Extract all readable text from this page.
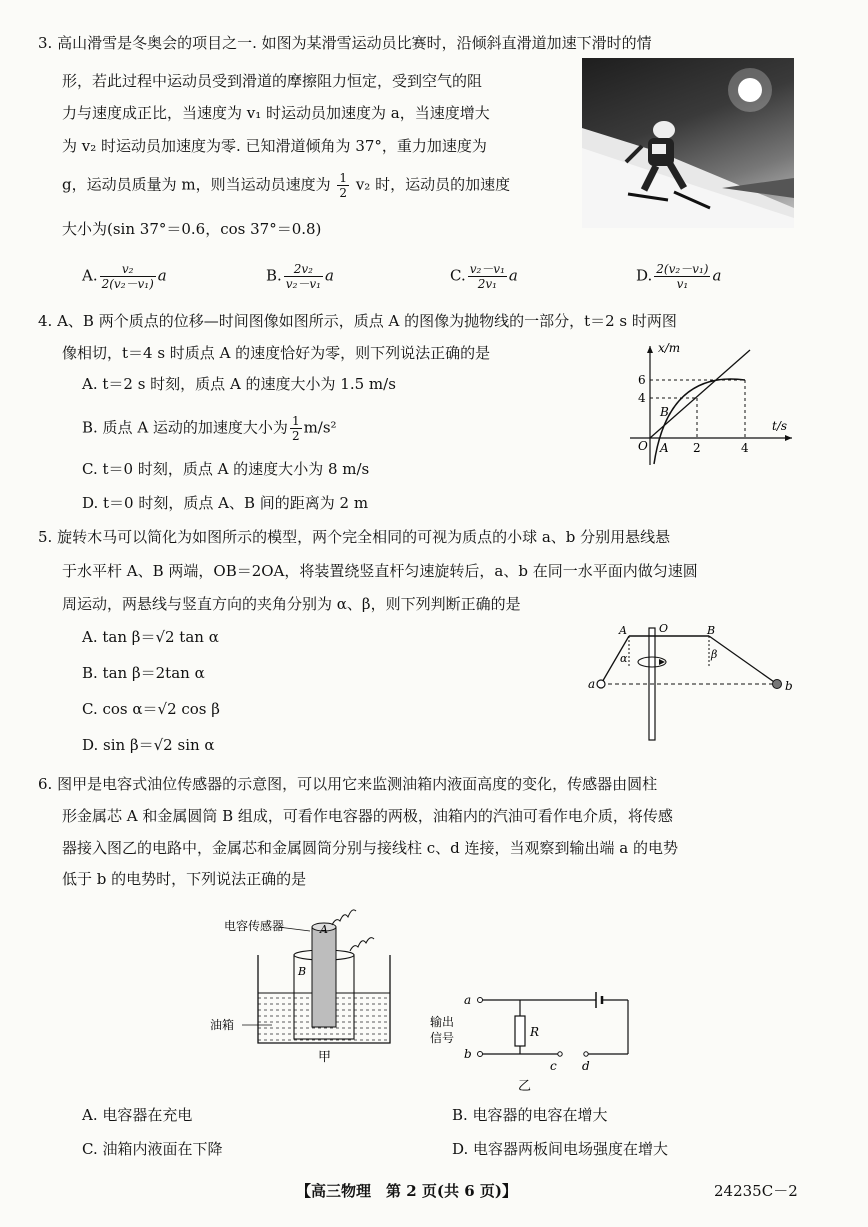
3. 高山滑雪是冬奥会的项目之一. 如图为某滑雪运动员比赛时，沿倾斜直滑道加速下滑时的情
形，若此过程中运动员受到滑道的摩擦阻力恒定，受到空气的阻
力与速度成正比，当速度为 v₁ 时运动员加速度为 a，当速度增大
为 v₂ 时运动员加速度为零. 已知滑道倾角为 37°，重力加速度为
g，运动员质量为 m，则当运动员速度为 $\frac{1}{2} v_2$ 时，运动员的加速度
大小为(sin 37°＝0.6，cos 37°＝0.8)
A. $\frac{\text{v₂}}{\text{2(v₂－v₁)}}$ a	B. $\frac{\text{2v₂}}{\text{v₂－v₁}}$ a	C. $\frac{\text{v₂－v₁}}{\text{2v₁}}$ a	D. $\frac{\text{2(v₂－v₁)}}{\text{v₁}}$ a
4. A、B 两个质点的位移—时间图像如图所示，质点 A 的图像为抛物线的一部分，t＝2 s 时两图
像相切，t＝4 s 时质点 A 的速度恰好为零，则下列说法正确的是
A. t＝2 s 时刻，质点 A 的速度大小为 1.5 m/s
B. 质点 A 运动的加速度大小为 $\frac{1}{2} m/s^2$
C. t＝0 时刻，质点 A 的速度大小为 8 m/s
D. t＝0 时刻，质点 A、B 间的距离为 2 m
x/m
t/s
6
4
2	4
O A
B
5. 旋转木马可以简化为如图所示的模型，两个完全相同的可视为质点的小球 a、b 分别用悬线悬
于水平杆 A、B 两端，OB＝2OA，将装置绕竖直杆匀速旋转后，a、b 在同一水平面内做匀速圆
周运动，两悬线与竖直方向的夹角分别为 α、β，则下列判断正确的是
A. tan β＝√2 tan α
B. tan β＝2tan α
C. cos α＝√2 cos β
D. sin β＝√2 sin α
A	O	B
α	β
a	b
6. 图甲是电容式油位传感器的示意图，可以用它来监测油箱内液面高度的变化，传感器由圆柱
形金属芯 A 和金属圆筒 B 组成，可看作电容器的两极，油箱内的汽油可看作电介质，将传感
器接入图乙的电路中，金属芯和金属圆筒分别与接线柱 c、d 连接，当观察到输出端 a 的电势
低于 b 的电势时，下列说法正确的是
A
B
电容传感器
油箱
甲
a
b
c d
R
输出
信号
乙
A. 电容器在充电	B. 电容器的电容在增大
C. 油箱内液面在下降	D. 电容器两板间电场强度在增大
【高三物理　第 2 页(共 6 页)】	24235C－2
